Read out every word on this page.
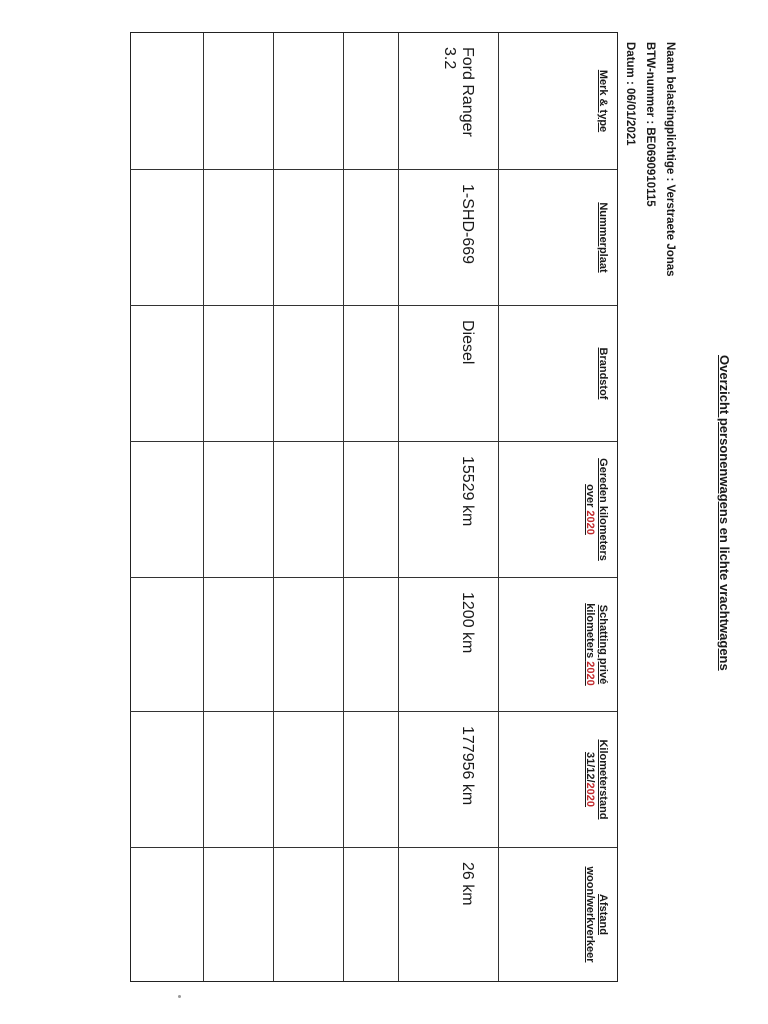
Overzicht personenwagens en lichte vrachtwagens
Naam belastingplichtige : Verstraete Jonas
BTW-nummer : BE0690910115
Datum : 06/01/2021
Merk & type
Nummerplaat
Brandstof
Gereden kilometers
over 2020
Schatting privé
kilometers 2020
Kilometerstand
31/12/2020
Afstand
woon/werkverkeer
Ford Ranger 3.2
1-SHD-669
Diesel
15529 km
1200 km
177956 km
26 km
